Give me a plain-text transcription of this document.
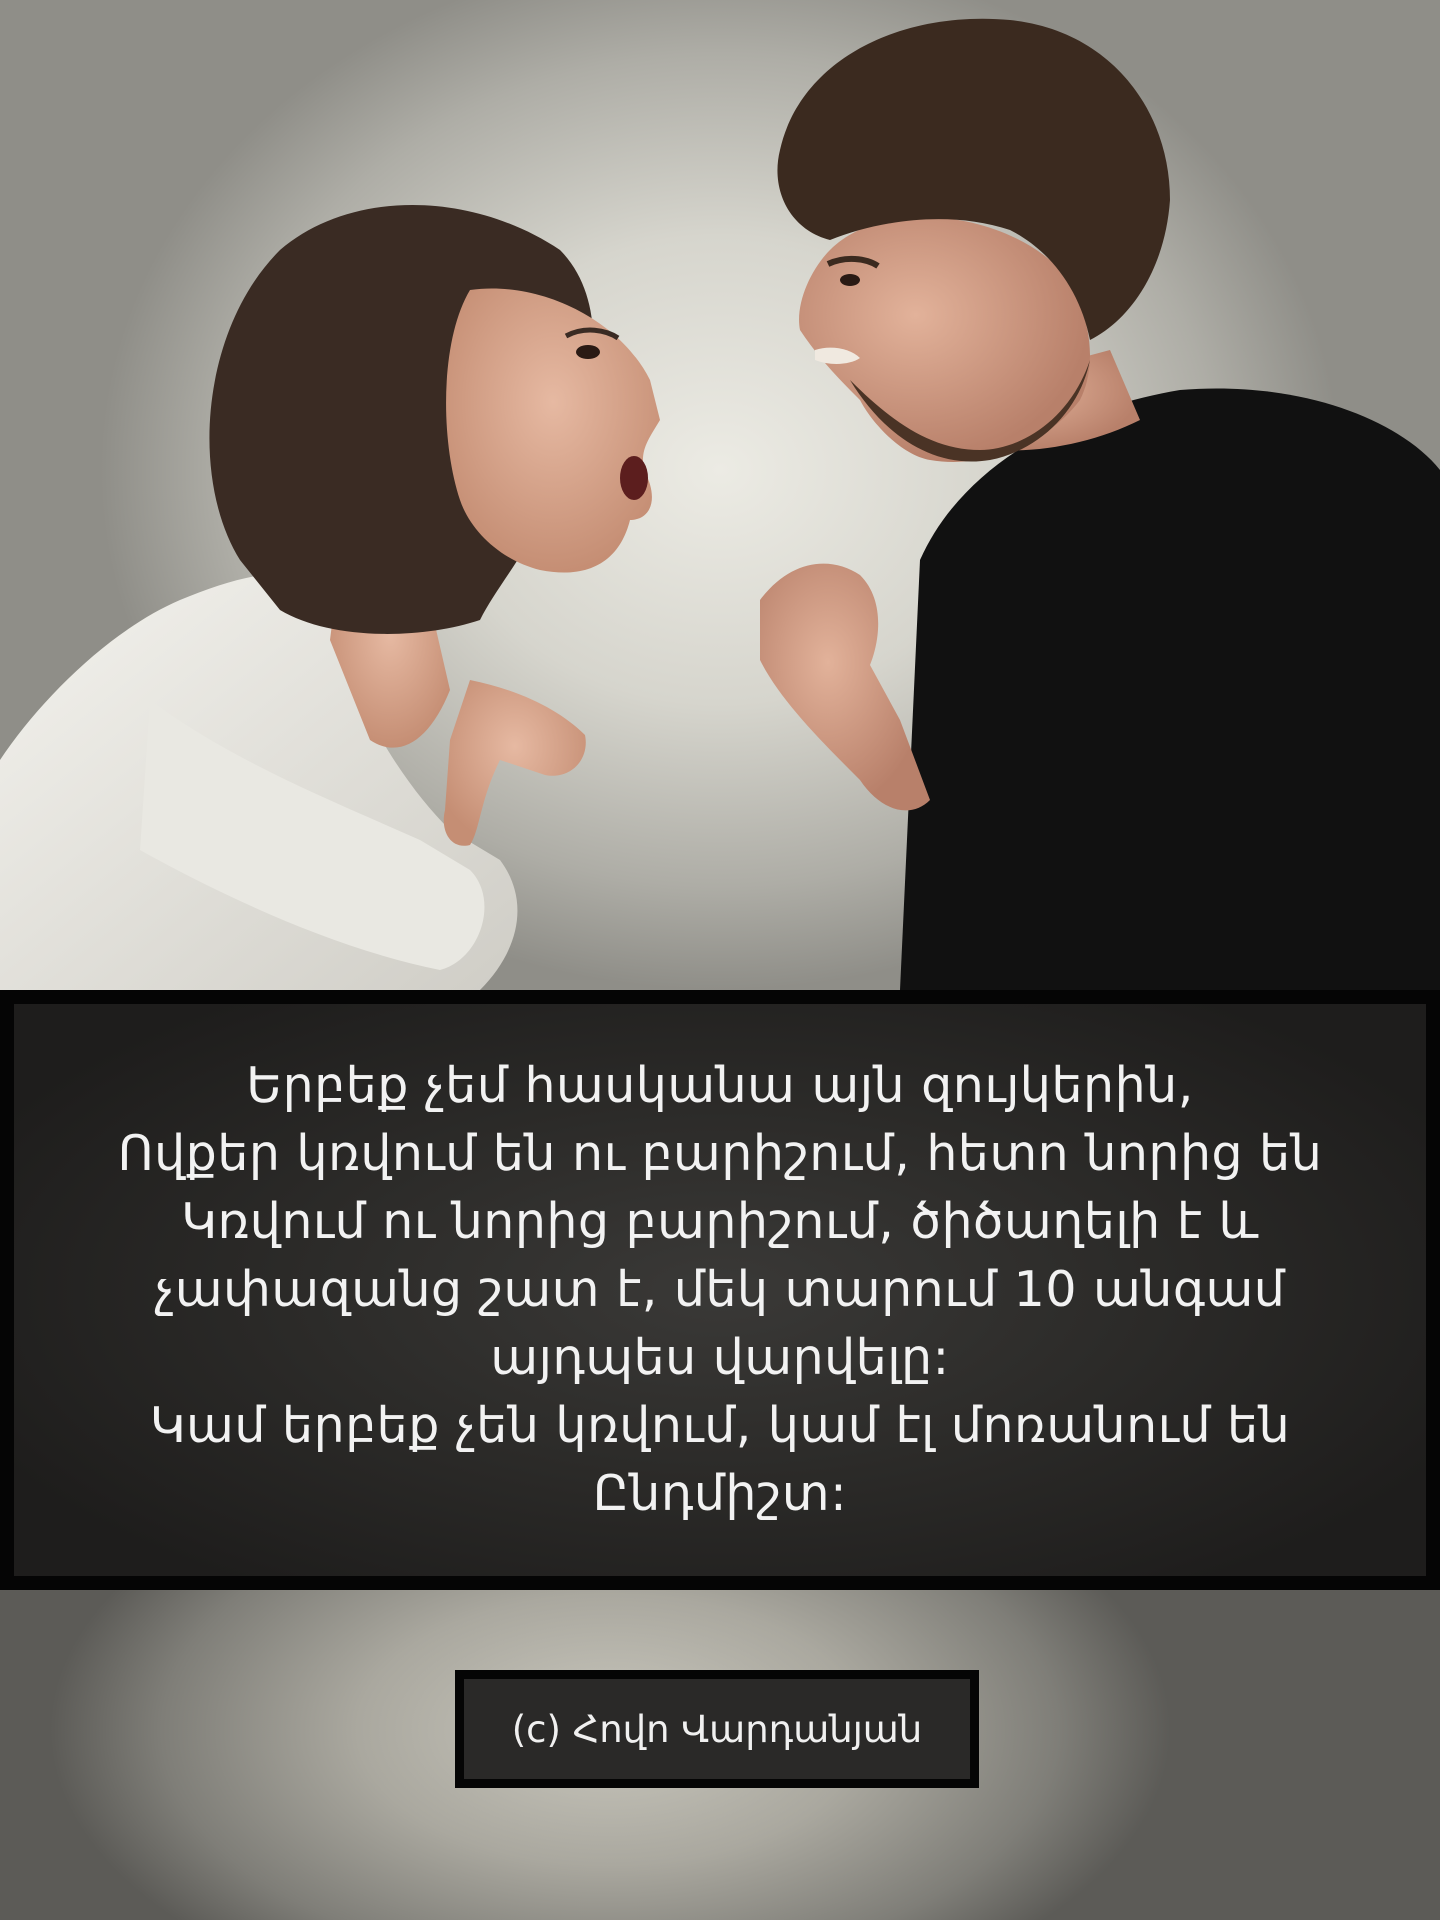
Երբեք չեմ հասկանա այն զույկերին,
Ովքեր կռվում են ու բարիշում, հետո նորից են
Կռվում ու նորից բարիշում, ծիծաղելի է և
չափազանց շատ է, մեկ տարում 10 անգամ
այդպես վարվելը:
Կամ երբեք չեն կռվում, կամ էլ մոռանում են
Ընդմիշտ:
(c) Հովո Վարդանյան
